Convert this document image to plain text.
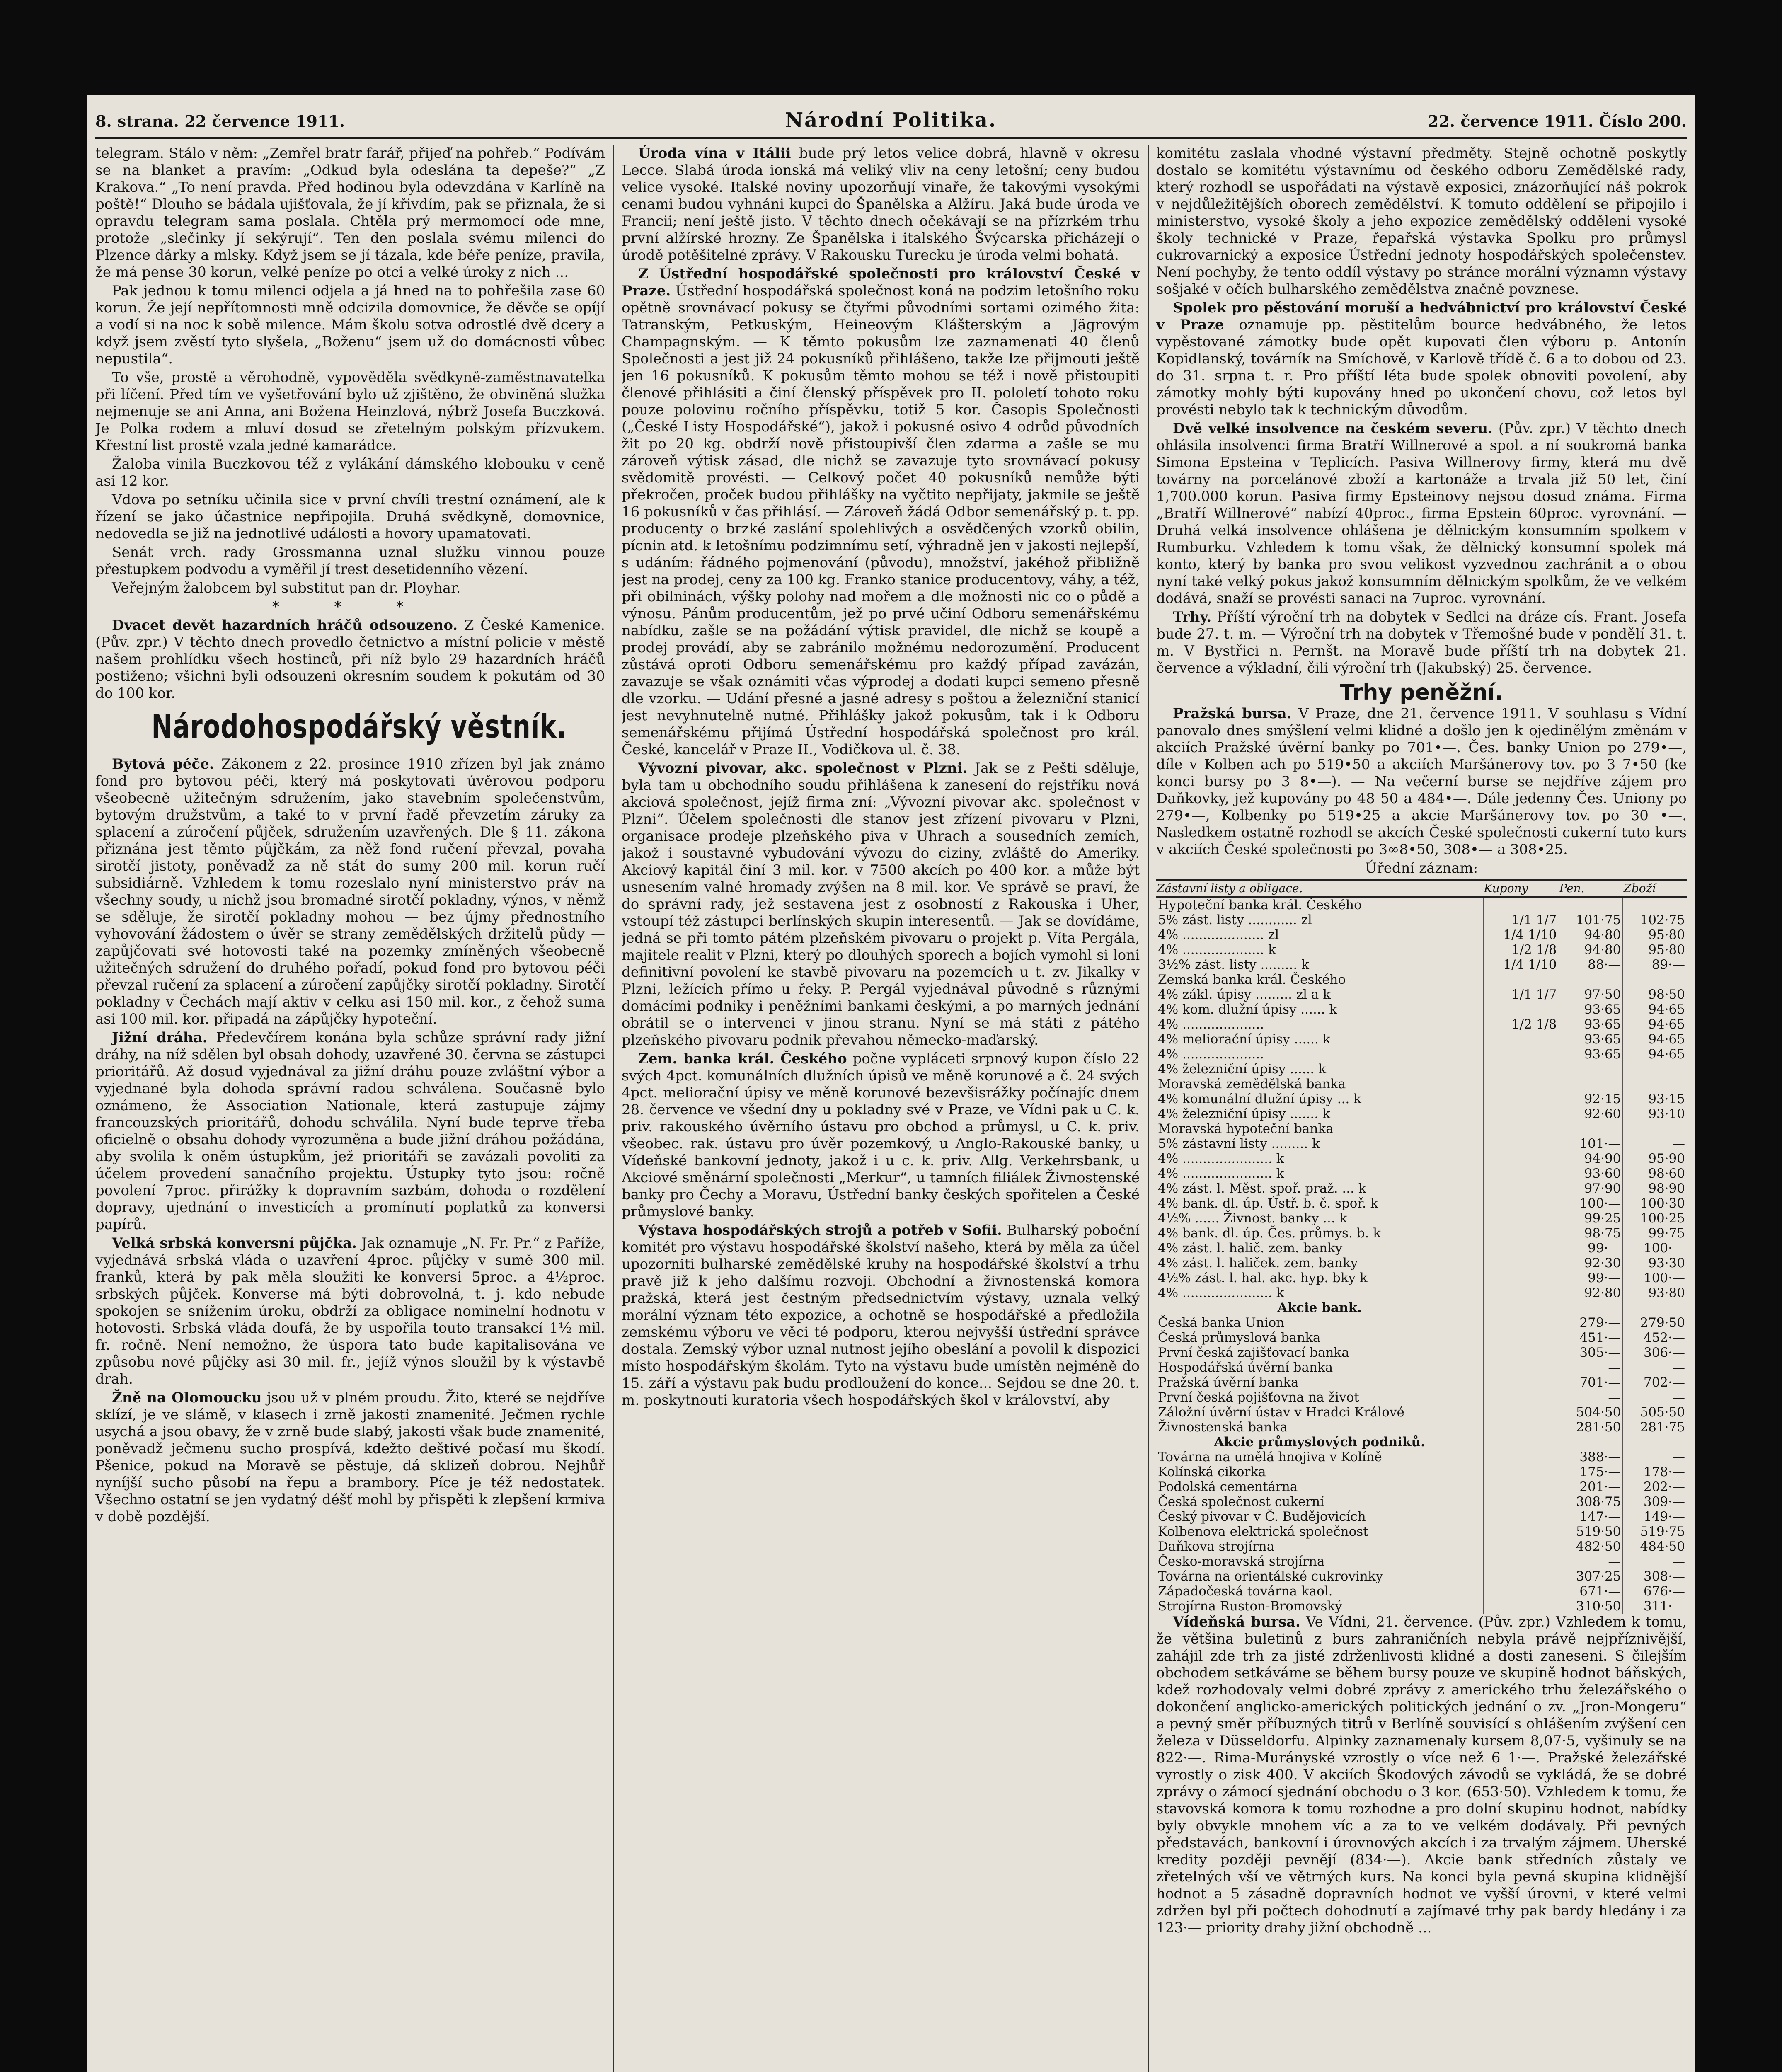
8. strana. 22 července 1911.	Národní Politika.	22. července 1911. Číslo 200.

telegram. Stálo v něm: „Zemřel bratr farář, přijeď na pohřeb.“ Podívám se na blanket a pravím: „Odkud byla odeslána ta depeše?“ „Z Krakova.“ „To není pravda. Před hodinou byla odevzdána v Karlíně na poště!“ Dlouho se bádala ujišťovala, že jí křivdím, pak se přiznala, že si opravdu telegram sama poslala. Chtěla prý mermomocí ode mne, protože „slečinky jí sekýrují“. Ten den poslala svému milenci do Plzence dárky a mlsky. Když jsem se jí tázala, kde béře peníze, pravila, že má pense 30 korun, velké peníze po otci a velké úroky z nich ...

Pak jednou k tomu milenci odjela a já hned na to pohřešila zase 60 korun. Že její nepřítomnosti mně odcizila domovnice, že děvče se opíjí a vodí si na noc k sobě milence. Mám školu sotva odrostlé dvě dcery a když jsem zvěstí tyto slyšela, „Boženu“ jsem už do domácnosti vůbec nepustila“.

To vše, prostě a věrohodně, vypověděla svědkyně-zaměstnavatelka při líčení. Před tím ve vyšetřování bylo už zjištěno, že obviněná služka nejmenuje se ani Anna, ani Božena Heinzlová, nýbrž Josefa Buczková. Je Polka rodem a mluví dosud se zřetelným polským přízvukem. Křestní list prostě vzala jedné kamarádce.

Žaloba vinila Buczkovou též z vylákání dámského klobouku v ceně asi 12 kor.

Vdova po setníku učinila sice v první chvíli trestní oznámení, ale k řízení se jako účastnice nepřipojila. Druhá svědkyně, domovnice, nedovedla se již na jednotlivé události a hovory upamatovati.

Senát vrch. rady Grossmanna uznal služku vinnou pouze přestupkem podvodu a vyměřil jí trest desetidenního vězení.

Veřejným žalobcem byl substitut pan dr. Ployhar.

* * *

Dvacet devět hazardních hráčů odsouzeno. Z České Kamenice. (Pův. zpr.) V těchto dnech provedlo četnictvo a místní policie v městě našem prohlídku všech hostinců, při níž bylo 29 hazardních hráčů postiženo; všichni byli odsouzeni okresním soudem k pokutám od 30 do 100 kor.

Národohospodářský věstník.

Bytová péče. Zákonem z 22. prosince 1910 zřízen byl jak známo fond pro bytovou péči, který má poskytovati úvěrovou podporu všeobecně užitečným sdružením, jako stavebním společenstvům, bytovým družstvům, a také to v první řadě převzetím záruky za splacení a zúročení půjček, sdružením uzavřených. Dle § 11. zákona přiznána jest těmto půjčkám, za něž fond ručení převzal, povaha sirotčí jistoty, poněvadž za ně stát do sumy 200 mil. korun ručí subsidiárně. Vzhledem k tomu rozeslalo nyní ministerstvo práv na všechny soudy, u nichž jsou bromadné sirotčí pokladny, výnos, v němž se sděluje, že sirotčí pokladny mohou — bez újmy přednostního vyhovování žádostem o úvěr se strany zemědělských držitelů půdy — zapůjčovati své hotovosti také na pozemky zmíněných všeobecně užitečných sdružení do druhého pořadí, pokud fond pro bytovou péči převzal ručení za splacení a zúročení zapůjčky sirotčí pokladny. Sirotčí pokladny v Čechách mají aktiv v celku asi 150 mil. kor., z čehož suma asi 100 mil. kor. připadá na zápůjčky hypoteční.

Jižní dráha. Předevčírem konána byla schůze správní rady jižní dráhy, na níž sdělen byl obsah dohody, uzavřené 30. června se zástupci prioritářů. Až dosud vyjednával za jižní dráhu pouze zvláštní výbor a vyjednané byla dohoda správní radou schválena. Současně bylo oznámeno, že Association Nationale, která zastupuje zájmy francouzských prioritářů, dohodu schválila. Nyní bude teprve třeba oficielně o obsahu dohody vyrozuměna a bude jižní dráhou požádána, aby svolila k oněm ústupkům, jež prioritáři se zavázali povoliti za účelem provedení sanačního projektu. Ústupky tyto jsou: ročně povolení 7proc. přirážky k dopravním sazbám, dohoda o rozdělení dopravy, ujednání o investicích a promínutí poplatků za konversi papírů.

Velká srbská konversní půjčka. Jak oznamuje „N. Fr. Pr.“ z Paříže, vyjednává srbská vláda o uzavření 4proc. půjčky v sumě 300 mil. franků, která by pak měla sloužiti ke konversi 5proc. a 4½proc. srbských půjček. Konverse má býti dobrovolná, t. j. kdo nebude spokojen se snížením úroku, obdrží za obligace nominelní hodnotu v hotovosti. Srbská vláda doufá, že by uspořila touto transakcí 1½ mil. fr. ročně. Není nemožno, že úspora tato bude kapitalisována ve způsobu nové půjčky asi 30 mil. fr., jejíž výnos sloužil by k výstavbě drah.

Žně na Olomoucku jsou už v plném proudu. Žito, které se nejdříve sklízí, je ve slámě, v klasech i zrně jakosti znamenité. Ječmen rychle usychá a jsou obavy, že v zrně bude slabý, jakosti však bude znamenité, poněvadž ječmenu sucho prospívá, kdežto deštivé počasí mu škodí. Pšenice, pokud na Moravě se pěstuje, dá sklizeň dobrou. Nejhůř nyníjší sucho působí na řepu a brambory. Píce je též nedostatek. Všechno ostatní se jen vydatný déšť mohl by přispěti k zlepšení krmiva v době pozdější.

Úroda vína v Itálii bude prý letos velice dobrá, hlavně v okresu Lecce. Slabá úroda ionská má veliký vliv na ceny letošní; ceny budou velice vysoké. Italské noviny upozorňují vinaře, že takovými vysokými cenami budou vyhnáni kupci do Španělska a Alžíru. Jaká bude úroda ve Francii; není ještě jisto. V těchto dnech očekávají se na přízrkém trhu první alžírské hrozny. Ze Španělska i italského Švýcarska přicházejí o úrodě potěšitelné zprávy. V Rakousku Turecku je úroda velmi bohatá.

Z Ústřední hospodářské společnosti pro království České v Praze. Ústřední hospodářská společnost koná na podzim letošního roku opětně srovnávací pokusy se čtyřmi původními sortami ozimého žita: Tatranským, Petkuským, Heineovým Klášterským a Jägrovým Champagnským. — K těmto pokusům lze zaznamenati 40 členů Společnosti a jest již 24 pokusníků přihlášeno, takže lze přijmouti ještě jen 16 pokusníků. K pokusům těmto mohou se též i nově přistoupiti členové přihlásiti a činí členský příspěvek pro II. pololetí tohoto roku pouze polovinu ročního příspěvku, totiž 5 kor. Časopis Společnosti („České Listy Hospodářské“), jakož i pokusné osivo 4 odrůd původních žit po 20 kg. obdrží nově přistoupivší člen zdarma a zašle se mu zároveň výtisk zásad, dle nichž se zavazuje tyto srovnávací pokusy svědomitě provésti. — Celkový počet 40 pokusníků nemůže býti překročen, proček budou přihlášky na vyčtito nepřijaty, jakmile se ještě 16 pokusníků v čas přihlásí. — Zároveň žádá Odbor semenářský p. t. pp. producenty o brzké zaslání spolehlivých a osvědčených vzorků obilin, pícnin atd. k letošnímu podzimnímu setí, výhradně jen v jakosti nejlepší, s udáním: řádného pojmenování (původu), množství, jakéhož přibližně jest na prodej, ceny za 100 kg. Franko stanice producentovy, váhy, a též, při obilninách, výšky polohy nad mořem a dle možnosti nic co o půdě a výnosu. Pánům producentům, jež po prvé učiní Odboru semenářskému nabídku, zašle se na požádání výtisk pravidel, dle nichž se koupě a prodej provádí, aby se zabránilo možnému nedorozumění. Producent zůstává oproti Odboru semenářskému pro každý případ zavázán, zavazuje se však oznámiti včas výprodej a dodati kupci semeno přesně dle vzorku. — Udání přesné a jasné adresy s poštou a železniční stanicí jest nevyhnutelně nutné. Přihlášky jakož pokusům, tak i k Odboru semenářskému přijímá Ústřední hospodářská společnost pro král. České, kancelář v Praze II., Vodičkova ul. č. 38.

Vývozní pivovar, akc. společnost v Plzni. Jak se z Pešti sděluje, byla tam u obchodního soudu přihlášena k zanesení do rejstříku nová akciová společnost, jejíž firma zní: „Vývozní pivovar akc. společnost v Plzni“. Účelem společnosti dle stanov jest zřízení pivovaru v Plzni, organisace prodeje plzeňského piva v Uhrach a sousedních zemích, jakož i soustavné vybudování vývozu do ciziny, zvláště do Ameriky. Akciový kapitál činí 3 mil. kor. v 7500 akcích po 400 kor. a může být usnesením valné hromady zvýšen na 8 mil. kor. Ve správě se praví, že do správní rady, jež sestavena jest z osobností z Rakouska i Uher, vstoupí též zástupci berlínských skupin interesentů. — Jak se dovídáme, jedná se při tomto pátém plzeňském pivovaru o projekt p. Víta Pergála, majitele realit v Plzni, který po dlouhých sporech a bojích vymohl si loni definitivní povolení ke stavbě pivovaru na pozemcích u t. zv. Jikalky v Plzni, ležících přímo u řeky. P. Pergál vyjednával původně s různými domácími podniky i peněžními bankami českými, a po marných jednání obrátil se o intervenci v jinou stranu. Nyní se má státi z pátého plzeňského pivovaru podnik převahou německo-maďarský.

Zem. banka král. Českého počne vypláceti srpnový kupon číslo 22 svých 4pct. komunálních dlužních úpisů ve měně korunové a č. 24 svých 4pct. meliorační úpisy ve měně korunové bezevšisrážky počínajíc dnem 28. července ve všední dny u pokladny své v Praze, ve Vídni pak u C. k. priv. rakouského úvěrního ústavu pro obchod a průmysl, u C. k. priv. všeobec. rak. ústavu pro úvěr pozemkový, u Anglo-Rakouské banky, u Vídeňské bankovní jednoty, jakož i u c. k. priv. Allg. Verkehrsbank, u Akciové směnární společnosti „Merkur“, u tamních filiálek Živnostenské banky pro Čechy a Moravu, Ústřední banky českých spořitelen a České průmyslové banky.

Výstava hospodářských strojů a potřeb v Sofii. Bulharský poboční komitét pro výstavu hospodářské školství našeho, která by měla za účel upozorniti bulharské zemědělské kruhy na hospodářské školství a trhu pravě již k jeho dalšímu rozvoji. Obchodní a živnostenská komora pražská, která jest čestným předsednictvím výstavy, uznala velký morální význam této expozice, a ochotně se hospodářské a předložila zemskému výboru ve věci té podporu, kterou nejvyšší ústřední správce dostala. Zemský výbor uznal nutnost jejího obeslání a povolil k dispozici místo hospodářským školám. Tyto na výstavu bude umístěn nejméně do 15. září a výstavu pak budu prodloužení do konce... Sejdou se dne 20. t. m. poskytnouti kuratoria všech hospodářských škol v království, aby

komitétu zaslala vhodné výstavní předměty. Stejně ochotně poskytly dostalo se komitétu výstavnímu od českého odboru Zemědělské rady, který rozhodl se uspořádati na výstavě exposici, znázorňující náš pokrok v nejdůležitějších oborech zemědělství. K tomuto oddělení se připojilo i ministerstvo, vysoké školy a jeho expozice zemědělský odděleni vysoké školy technické v Praze, řepařská výstavka Spolku pro průmysl cukrovarnický a exposice Ústřední jednoty hospodářských společenstev. Není pochyby, že tento oddíl výstavy po stránce morální významn výstavy sošjaké v očích bulharského zemědělstva značně povznese.

Spolek pro pěstování moruší a hedvábnictví pro království České v Praze oznamuje pp. pěstitelům bource hedvábného, že letos vypěstované zámotky bude opět kupovati člen výboru p. Antonín Kopidlanský, továrník na Smíchově, v Karlově třídě č. 6 a to dobou od 23. do 31. srpna t. r. Pro příští léta bude spolek obnoviti povolení, aby zámotky mohly býti kupovány hned po ukončení chovu, což letos byl provésti nebylo tak k technickým důvodům.

Dvě velké insolvence na českém severu. (Pův. zpr.) V těchto dnech ohlásila insolvenci firma Bratří Willnerové a spol. a ní soukromá banka Simona Epsteina v Teplicích. Pasiva Willnerovy firmy, která mu dvě továrny na porcelánové zboží a kartonáže a trvala již 50 let, činí 1,700.000 korun. Pasiva firmy Epsteinovy nejsou dosud známa. Firma „Bratří Willnerové“ nabízí 40proc., firma Epstein 60proc. vyrovnání. — Druhá velká insolvence ohlášena je dělnickým konsumním spolkem v Rumburku. Vzhledem k tomu však, že dělnický konsumní spolek má konto, který by banka pro svou velikost vyzvednou zachránit a o obou nyní také velký pokus jakož konsumním dělnickým spolkům, že ve velkém dodává, snaží se provésti sanaci na 7uproc. vyrovnání.

Trhy. Příští výroční trh na dobytek v Sedlci na dráze cís. Frant. Josefa bude 27. t. m. — Výroční trh na dobytek v Třemošné bude v pondělí 31. t. m. V Bystřici n. Pernšt. na Moravě bude příští trh na dobytek 21. července a výkladní, čili výroční trh (Jakubský) 25. července.

Trhy peněžní.

Pražská bursa. V Praze, dne 21. července 1911. V souhlasu s Vídní panovalo dnes smýšlení velmi klidné a došlo jen k ojedinělým změnám v akciích Pražské úvěrní banky po 701•—. Čes. banky Union po 279•—, díle v Kolben ach po 519•50 a akciích Maršánerovy tov. po 3 7•50 (ke konci bursy po 3 8•—). — Na večerní burse se nejdříve zájem pro Daňkovky, jež kupovány po 48 50 a 484•—. Dále jedenny Čes. Uniony po 279•—, Kolbenky po 519•25 a akcie Maršánerovy tov. po 30 •—. Nasledkem ostatně rozhodl se akcích České společnosti cukerní tuto kurs v akciích České společnosti po 3∞8•50, 308•— a 308•25.

Úřední záznam:
Zástavní listy a obligace.	Kupony	Pen.	Zboží
Hypoteční banka král. Českého			
5% zást. listy ............ zl	1/1 1/7	101·75	102·75
4% .................... zl	1/4 1/10	94·80	95·80
4% .................... k	1/2 1/8	94·80	95·80
3½% zást. listy ......... k	1/4 1/10	88·—	89·—
Zemská banka král. Českého			
4% zákl. úpisy ......... zl a k	1/1 1/7	97·50	98·50
4% kom. dlužní úpisy ...... k		93·65	94·65
4% ....................	1/2 1/8	93·65	94·65
4% melioraćní úpisy ...... k		93·65	94·65
4% ....................		93·65	94·65
4% železniční úpisy ...... k			
Moravská zemědělská banka			
4% komunální dlužní úpisy ... k		92·15	93·15
4% železniční úpisy ....... k		92·60	93·10
Moravská hypoteční banka			
5% zástavní listy ......... k		101·—	—
4% ...................... k		94·90	95·90
4% ...................... k		93·60	98·60
4% zást. l. Měst. spoř. praž. ... k		97·90	98·90
4% bank. dl. úp. Ústř. b. č. spoř. k		100·—	100·30
4½% ...... Živnost. banky ... k		99·25	100·25
4% bank. dl. úp. Čes. průmys. b. k		98·75	99·75
4% zást. l. halič. zem. banky		99·—	100·—
4% zást. l. haliček. zem. banky		92·30	93·30
4½% zást. l. hal. akc. hyp. bky k		99·—	100·—
4% ...................... k		92·80	93·80
Akcie bank.			
Česká banka Union		279·—	279·50
Česká průmyslová banka		451·—	452·—
První česká zajišťovací banka		305·—	306·—
Hospodářská úvěrní banka		—	—
Pražská úvěrní banka		701·—	702·—
První česká pojišťovna na život		—	—
Záložní úvěrní ústav v Hradci Králové		504·50	505·50
Živnostenská banka		281·50	281·75
Akcie průmyslových podniků.			
Továrna na umělá hnojiva v Kolíně		388·—	—
Kolínská cikorka		175·—	178·—
Podolská cementárna		201·—	202·—
Česká společnost cukerní		308·75	309·—
Český pivovar v Č. Budějovicích		147·—	149·—
Kolbenova elektrická společnost		519·50	519·75
Daňkova strojírna		482·50	484·50
Česko-moravská strojírna		—	—
Továrna na orientálské cukrovinky		307·25	308·—
Západočeská továrna kaol.		671·—	676·—
Strojírna Ruston-Bromovský		310·50	311·—

Vídeňská bursa. Ve Vídni, 21. července. (Pův. zpr.) Vzhledem k tomu, že většina buletinů z burs zahraničních nebyla právě nejpříznivější, zahájil zde trh za jisté zdrženlivosti klidné a dosti zaneseni. S čilejším obchodem setkáváme se během bursy pouze ve skupině hodnot báňských, kdež rozhodovaly velmi dobré zprávy z amerického trhu železářského o dokončení anglicko-amerických politických jednání o zv. „Jron-Mongeru“ a pevný směr příbuzných titrů v Berlíně souvisící s ohlášením zvýšení cen železa v Düsseldorfu. Alpinky zaznamenaly kursem 8,07·5, vyšinuly se na 822·—. Rima-Murányské vzrostly o více než 6 1·—. Pražské železářské vyrostly o zisk 400. V akciích Škodových závodů se vykládá, že se dobré zprávy o zámocí sjednání obchodu o 3 kor. (653·50). Vzhledem k tomu, že stavovská komora k tomu rozhodne a pro dolní skupinu hodnot, nabídky byly obvykle mnohem víc a za to ve velkém dodávaly. Při pevných představách, bankovní i úrovnových akcích i za trvalým zájmem. Uherské kredity později pevnějí (834·—). Akcie bank středních zůstaly ve zřetelných vší ve větrných kurs. Na konci byla pevná skupina klidnější hodnot a 5 zásadně dopravních hodnot ve vyšší úrovni, v které velmi zdržen byl při počtech dohodnutí a zajímavé trhy pak bardy hledány i za 123·— priority drahy jižní obchodně ...
